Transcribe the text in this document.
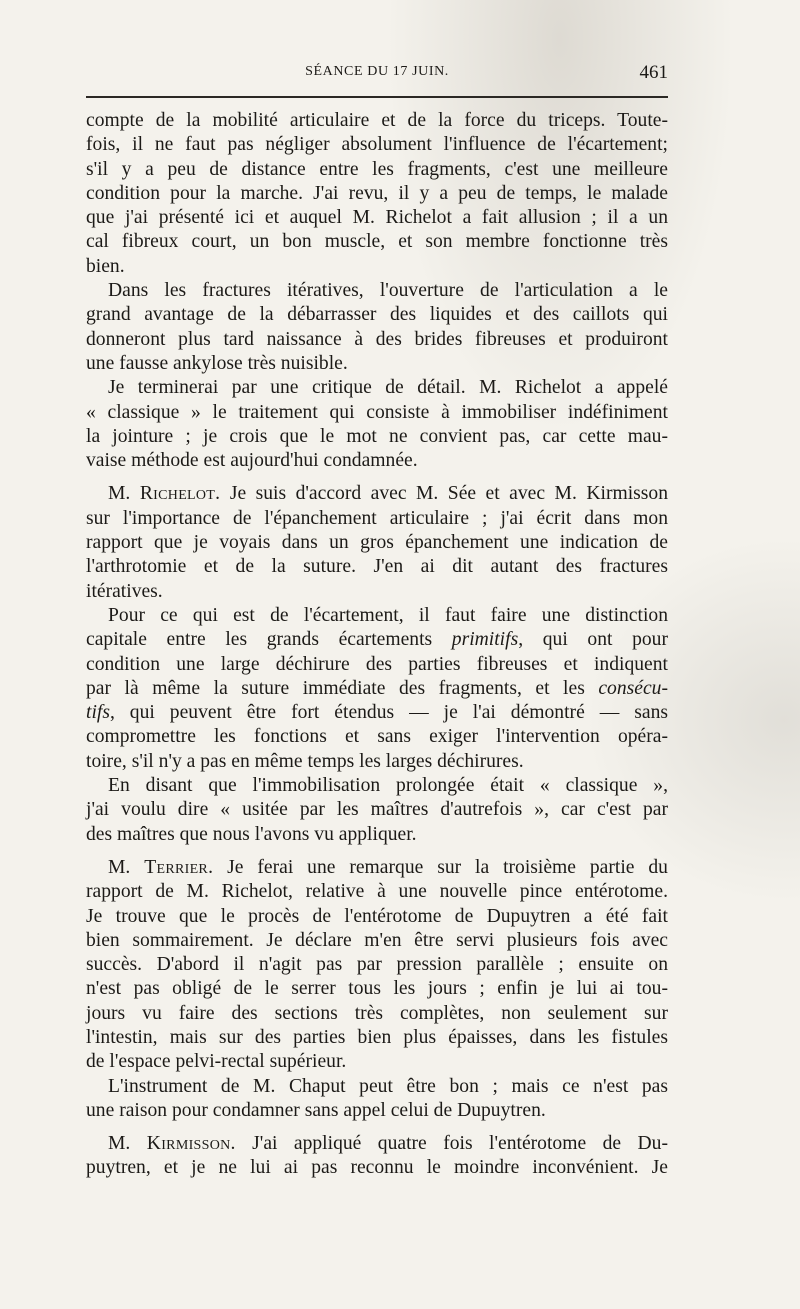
SÉANCE DU 17 JUIN.	461
compte de la mobilité articulaire et de la force du triceps. Toute-
fois, il ne faut pas négliger absolument l'influence de l'écartement;
s'il y a peu de distance entre les fragments, c'est une meilleure
condition pour la marche. J'ai revu, il y a peu de temps, le malade
que j'ai présenté ici et auquel M. Richelot a fait allusion ; il a un
cal fibreux court, un bon muscle, et son membre fonctionne très
bien.
Dans les fractures itératives, l'ouverture de l'articulation a le
grand avantage de la débarrasser des liquides et des caillots qui
donneront plus tard naissance à des brides fibreuses et produiront
une fausse ankylose très nuisible.
Je terminerai par une critique de détail. M. Richelot a appelé
« classique » le traitement qui consiste à immobiliser indéfiniment
la jointure ; je crois que le mot ne convient pas, car cette mau-
vaise méthode est aujourd'hui condamnée.
M. Richelot. Je suis d'accord avec M. Sée et avec M. Kirmisson
sur l'importance de l'épanchement articulaire ; j'ai écrit dans mon
rapport que je voyais dans un gros épanchement une indication de
l'arthrotomie et de la suture. J'en ai dit autant des fractures
itératives.
Pour ce qui est de l'écartement, il faut faire une distinction
capitale entre les grands écartements primitifs, qui ont pour
condition une large déchirure des parties fibreuses et indiquent
par là même la suture immédiate des fragments, et les consécu-
tifs, qui peuvent être fort étendus — je l'ai démontré — sans
compromettre les fonctions et sans exiger l'intervention opéra-
toire, s'il n'y a pas en même temps les larges déchirures.
En disant que l'immobilisation prolongée était « classique »,
j'ai voulu dire « usitée par les maîtres d'autrefois », car c'est par
des maîtres que nous l'avons vu appliquer.
M. Terrier. Je ferai une remarque sur la troisième partie du
rapport de M. Richelot, relative à une nouvelle pince entérotome.
Je trouve que le procès de l'entérotome de Dupuytren a été fait
bien sommairement. Je déclare m'en être servi plusieurs fois avec
succès. D'abord il n'agit pas par pression parallèle ; ensuite on
n'est pas obligé de le serrer tous les jours ; enfin je lui ai tou-
jours vu faire des sections très complètes, non seulement sur
l'intestin, mais sur des parties bien plus épaisses, dans les fistules
de l'espace pelvi-rectal supérieur.
L'instrument de M. Chaput peut être bon ; mais ce n'est pas
une raison pour condamner sans appel celui de Dupuytren.
M. Kirmisson. J'ai appliqué quatre fois l'entérotome de Du-
puytren, et je ne lui ai pas reconnu le moindre inconvénient. Je
